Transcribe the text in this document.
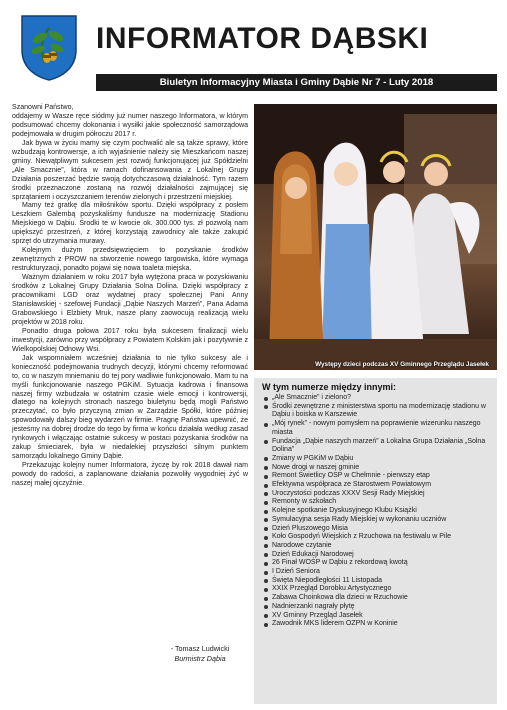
INFORMATOR DĄBSKI
Biuletyn Informacyjny Miasta i Gminy Dąbie Nr 7 - Luty 2018

Szanowni Państwo,

oddajemy w Wasze ręce siódmy już numer naszego Informatora, w którym podsumować chcemy dokonania i wysiłki jakie społeczność samorządowa podejmowała w drugim półroczu 2017 r.

Jak bywa w życiu mamy się czym pochwalić ale są także sprawy, które wzbudzają kontrowersje, a ich wyjaśnienie należy się Mieszkańcom naszej gminy. Niewątpliwym sukcesem jest rozwój funkcjonującej już Spółdzielni „Ale Smacznie”, która w ramach dofinansowania z Lokalnej Grupy Działania poszerzać będzie swoją dotychczasową działalność. Tym razem środki przeznaczone zostaną na rozwój działalności zajmującej się sprzątaniem i oczyszczaniem terenów zielonych i przestrzeni miejskiej.

Mamy też gratkę dla miłośników sportu. Dzięki współpracy z posłem Leszkiem Galembą pozyskaliśmy fundusze na modernizację Stadionu Miejskiego w Dąbiu. Środki te w kwocie ok. 300.000 tys. zł pozwolą nam upiększyć przestrzeń, z której korzystają zawodnicy ale także zakupić sprzęt do utrzymania murawy.

Kolejnym dużym przedsięwzięciem to pozyskanie środków zewnętrznych z PROW na stworzenie nowego targowiska, które wymaga restrukturyzacji, ponadto pojawi się nowa toaleta miejska.

Ważnym działaniem w roku 2017 była wytężona praca w pozyskiwaniu środków z Lokalnej Grupy Działania Solna Dolina. Dzięki współpracy z pracownikami LGD oraz wydatnej pracy społecznej Pani Anny Stanisławskiej - szefowej Fundacji „Dąbie Naszych Marzeń”, Pana Adama Grabowskiego i Elżbiety Mruk, nasze plany zaowocują realizacją wielu projektów w 2018 roku.

Ponadto druga połowa 2017 roku była sukcesem finalizacji wielu inwestycji, zarówno przy współpracy z Powiatem Kolskim jak i pozytywnie z Wielkopolskiej Odnowy Wsi.

Jak wspomniałem wcześniej działania to nie tylko sukcesy ale i konieczność podejmowania trudnych decyzji, którymi chcemy reformować to, co w naszym mniemaniu do tej pory wadliwie funkcjonowało. Mam tu na myśli funkcjonowanie naszego PGKiM. Sytuacja kadrowa i finansowa naszej firmy wzbudzała w ostatnim czasie wiele emocji i kontrowersji, dlatego na kolejnych stronach naszego biuletynu będą mogli Państwo przeczytać, co było przyczyną zmian w Zarządzie Spółki, które później spowodowały dalszy bieg wydarzeń w firmie. Pragnę Państwa upewnić, że jesteśmy na dobrej drodze do tego by firma w końcu działała według zasad rynkowych i włączając ostatnie sukcesy w postaci pozyskania środków na zakup śmieciarek, była w niedalekiej przyszłości silnym punktem samorządu lokalnego Gminy Dąbie.

Przekazując kolejny numer Informatora, życzę by rok 2018 dawał nam powody do radości, a zaplanowane działania pozwoliły wygodniej żyć w naszej małej ojczyźnie.

- Tomasz Ludwicki
Burmistrz Dąbia
Występy dzieci podczas XV Gminnego Przeglądu Jasełek
W tym numerze między innymi:
„Ale Smacznie” i zielono?
Środki zewnętrzne z ministerstwa sportu na modernizację stadionu w Dąbiu i boiska w Karszewie
„Mój rynek” - nowym pomysłem na poprawienie wizerunku naszego miasta
Fundacja „Dąbie naszych marzeń” a Lokalna Grupa Działania „Solna Dolina”
Zmiany w PGKiM w Dąbiu
Nowe drogi w naszej gminie
Remont Świetlicy OSP w Chełmnie - pierwszy etap
Efektywna współpraca ze Starostwem Powiatowym
Uroczystości podczas XXXV Sesji Rady Miejskiej
Remonty w szkołach
Kolejne spotkanie Dyskusyjnego Klubu Książki
Symulacyjna sesja Rady Miejskiej w wykonaniu uczniów
Dzień Pluszowego Misia
Koło Gospodyń Wiejskich z Rzuchowa na festiwalu w Pile
Narodowe czytanie
Dzień Edukacji Narodowej
26 Finał WOŚP w Dąbiu z rekordową kwotą
I Dzień Seniora
Święta Niepodległości 11 Listopada
XXIX Przegląd Dorobku Artystycznego
Zabawa Choinkowa dla dzieci w Rzuchowie
Nadnierzanki nagrały płytę
XV Gminny Przegląd Jasełek
Zawodnik MKS liderem OZPN w Koninie
